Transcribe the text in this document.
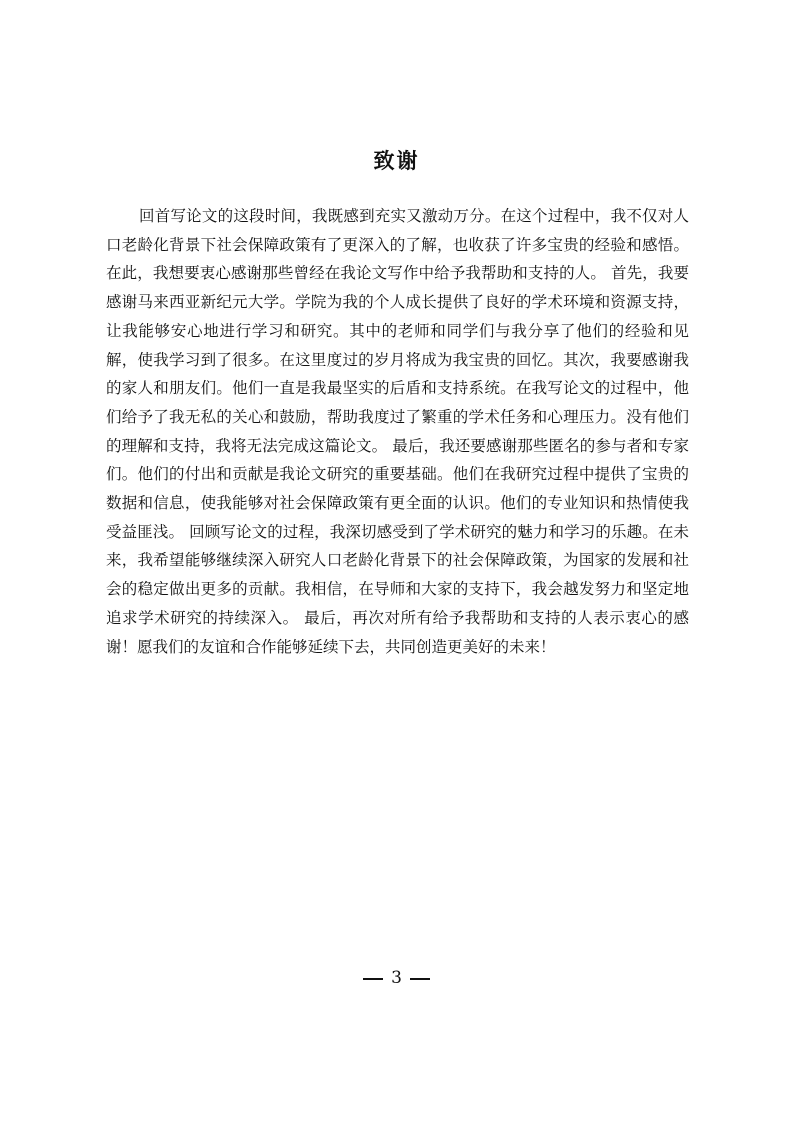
致谢

回首写论文的这段时间，我既感到充实又激动万分。在这个过程中，我不仅对人口老龄化背景下社会保障政策有了更深入的了解，也收获了许多宝贵的经验和感悟。在此，我想要衷心感谢那些曾经在我论文写作中给予我帮助和支持的人。 首先，我要感谢马来西亚新纪元大学。学院为我的个人成长提供了良好的学术环境和资源支持，让我能够安心地进行学习和研究。其中的老师和同学们与我分享了他们的经验和见解，使我学习到了很多。在这里度过的岁月将成为我宝贵的回忆。其次，我要感谢我的家人和朋友们。他们一直是我最坚实的后盾和支持系统。在我写论文的过程中，他们给予了我无私的关心和鼓励，帮助我度过了繁重的学术任务和心理压力。没有他们的理解和支持，我将无法完成这篇论文。 最后，我还要感谢那些匿名的参与者和专家们。他们的付出和贡献是我论文研究的重要基础。他们在我研究过程中提供了宝贵的数据和信息，使我能够对社会保障政策有更全面的认识。他们的专业知识和热情使我受益匪浅。 回顾写论文的过程，我深切感受到了学术研究的魅力和学习的乐趣。在未来，我希望能够继续深入研究人口老龄化背景下的社会保障政策，为国家的发展和社会的稳定做出更多的贡献。我相信，在导师和大家的支持下，我会越发努力和坚定地追求学术研究的持续深入。 最后，再次对所有给予我帮助和支持的人表示衷心的感谢！愿我们的友谊和合作能够延续下去，共同创造更美好的未来！

3
